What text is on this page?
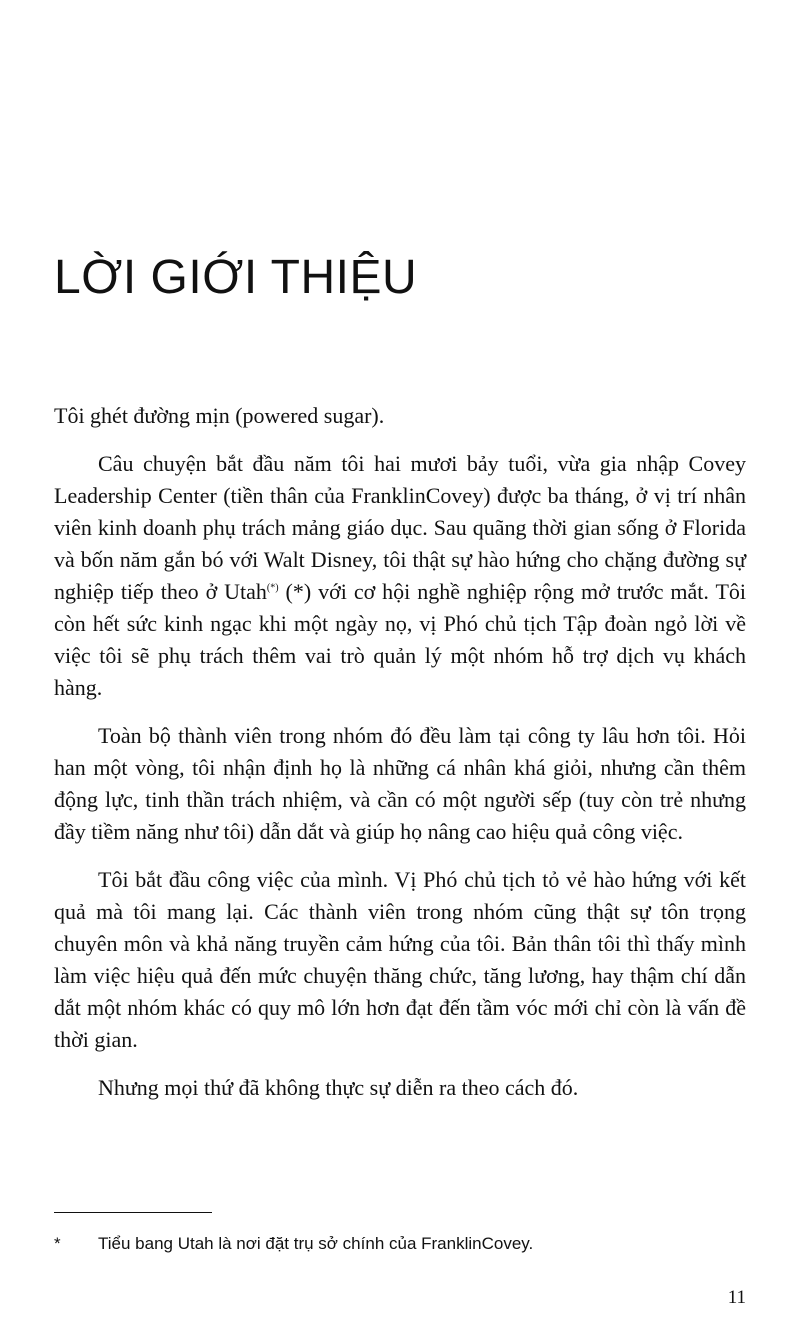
LỜI GIỚI THIỆU

Tôi ghét đường mịn (powered sugar).

Câu chuyện bắt đầu năm tôi hai mươi bảy tuổi, vừa gia nhập Covey Leadership Center (tiền thân của FranklinCovey) được ba tháng, ở vị trí nhân viên kinh doanh phụ trách mảng giáo dục. Sau quãng thời gian sống ở Florida và bốn năm gắn bó với Walt Disney, tôi thật sự hào hứng cho chặng đường sự nghiệp tiếp theo ở Utah(*) (*) với cơ hội nghề nghiệp rộng mở trước mắt. Tôi còn hết sức kinh ngạc khi một ngày nọ, vị Phó chủ tịch Tập đoàn ngỏ lời về việc tôi sẽ phụ trách thêm vai trò quản lý một nhóm hỗ trợ dịch vụ khách hàng.

Toàn bộ thành viên trong nhóm đó đều làm tại công ty lâu hơn tôi. Hỏi han một vòng, tôi nhận định họ là những cá nhân khá giỏi, nhưng cần thêm động lực, tinh thần trách nhiệm, và cần có một người sếp (tuy còn trẻ nhưng đầy tiềm năng như tôi) dẫn dắt và giúp họ nâng cao hiệu quả công việc.

Tôi bắt đầu công việc của mình. Vị Phó chủ tịch tỏ vẻ hào hứng với kết quả mà tôi mang lại. Các thành viên trong nhóm cũng thật sự tôn trọng chuyên môn và khả năng truyền cảm hứng của tôi. Bản thân tôi thì thấy mình làm việc hiệu quả đến mức chuyện thăng chức, tăng lương, hay thậm chí dẫn dắt một nhóm khác có quy mô lớn hơn đạt đến tầm vóc mới chỉ còn là vấn đề thời gian.

Nhưng mọi thứ đã không thực sự diễn ra theo cách đó.

* Tiểu bang Utah là nơi đặt trụ sở chính của FranklinCovey.
11
